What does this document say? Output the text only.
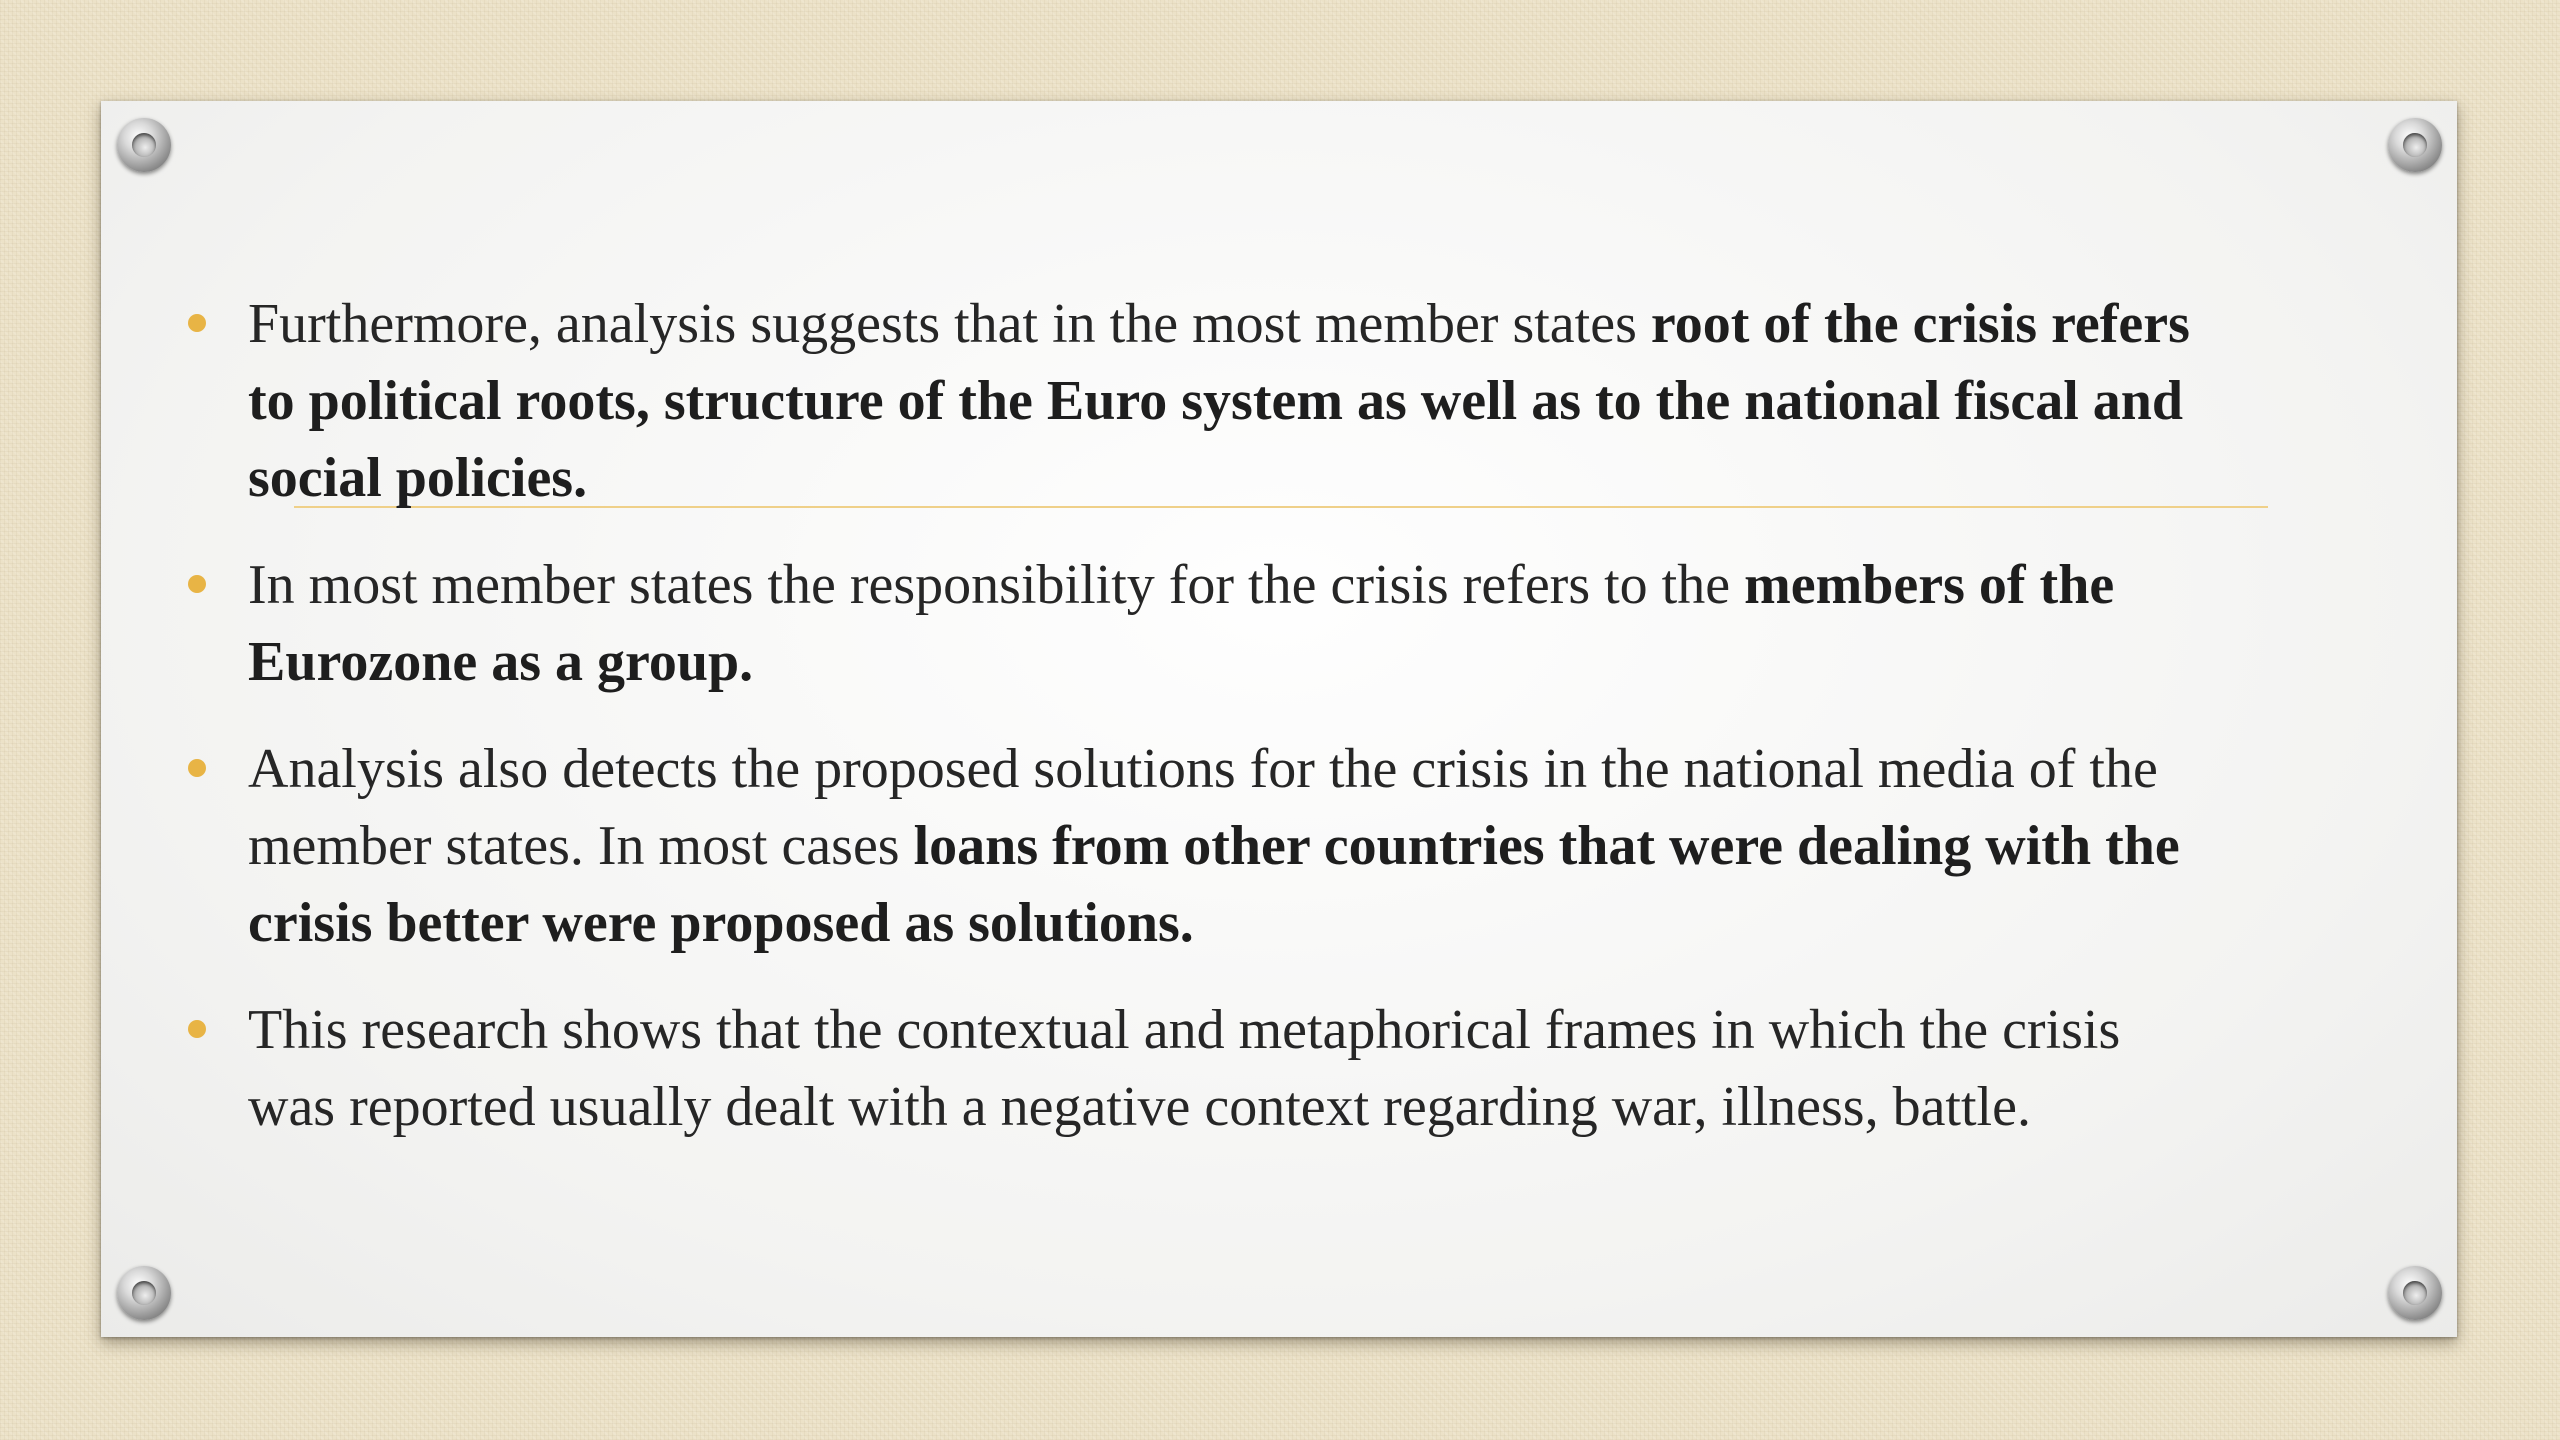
Furthermore, analysis suggests that in the most member states root of the crisis refers to political roots, structure of the Euro system as well as to the national fiscal and social policies.
In most member states the responsibility for the crisis refers to the members of the Eurozone as a group.
Analysis also detects the proposed solutions for the crisis in the national media of the member states. In most cases loans from other countries that were dealing with the crisis better were proposed as solutions.
This research shows that the contextual and metaphorical frames in which the crisis was reported usually dealt with a negative context regarding war, illness, battle.
